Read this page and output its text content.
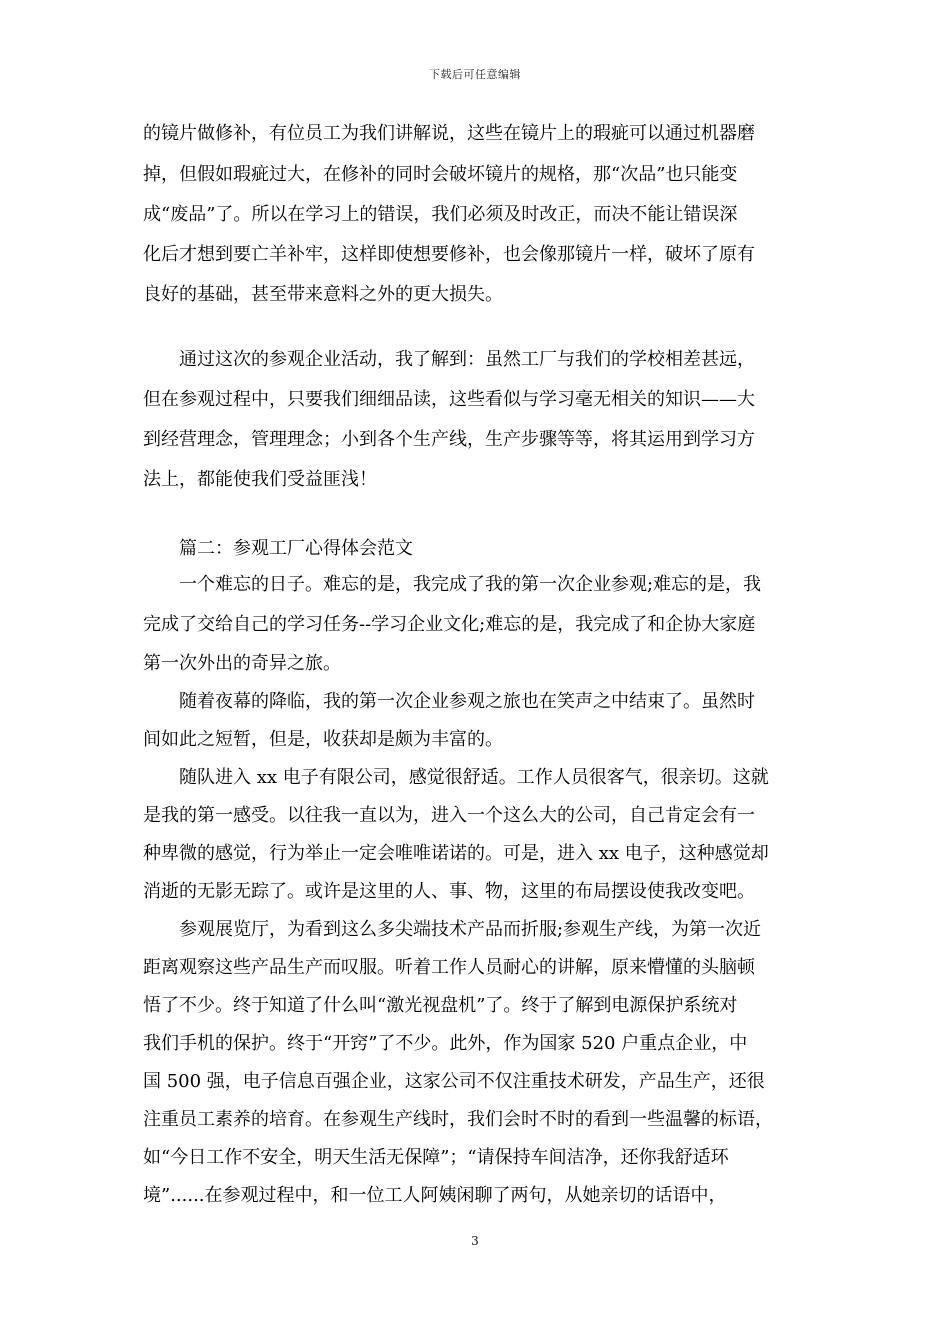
下载后可任意编辑
的镜片做修补，有位员工为我们讲解说，这些在镜片上的瑕疵可以通过机器磨
掉，但假如瑕疵过大，在修补的同时会破坏镜片的规格，那“次品”也只能变
成“废品”了。所以在学习上的错误，我们必须及时改正，而决不能让错误深
化后才想到要亡羊补牢，这样即使想要修补，也会像那镜片一样，破坏了原有
良好的基础，甚至带来意料之外的更大损失。
通过这次的参观企业活动，我了解到：虽然工厂与我们的学校相差甚远，
但在参观过程中，只要我们细细品读，这些看似与学习毫无相关的知识——大
到经营理念，管理理念；小到各个生产线，生产步骤等等，将其运用到学习方
法上，都能使我们受益匪浅！
篇二：参观工厂心得体会范文
一个难忘的日子。难忘的是，我完成了我的第一次企业参观;难忘的是，我
完成了交给自己的学习任务--学习企业文化;难忘的是，我完成了和企协大家庭
第一次外出的奇异之旅。
随着夜幕的降临，我的第一次企业参观之旅也在笑声之中结束了。虽然时
间如此之短暂，但是，收获却是颇为丰富的。
随队进入 xx 电子有限公司，感觉很舒适。工作人员很客气，很亲切。这就
是我的第一感受。以往我一直以为，进入一个这么大的公司，自己肯定会有一
种卑微的感觉，行为举止一定会唯唯诺诺的。可是，进入 xx 电子，这种感觉却
消逝的无影无踪了。或许是这里的人、事、物，这里的布局摆设使我改变吧。
参观展览厅，为看到这么多尖端技术产品而折服;参观生产线，为第一次近
距离观察这些产品生产而叹服。听着工作人员耐心的讲解，原来懵懂的头脑顿
悟了不少。终于知道了什么叫“激光视盘机”了。终于了解到电源保护系统对
我们手机的保护。终于“开窍”了不少。此外，作为国家 520 户重点企业，中
国 500 强，电子信息百强企业，这家公司不仅注重技术研发，产品生产，还很
注重员工素养的培育。在参观生产线时，我们会时不时的看到一些温馨的标语，
如“今日工作不安全，明天生活无保障”；“请保持车间洁净，还你我舒适环
境”......在参观过程中，和一位工人阿姨闲聊了两句，从她亲切的话语中，
3
